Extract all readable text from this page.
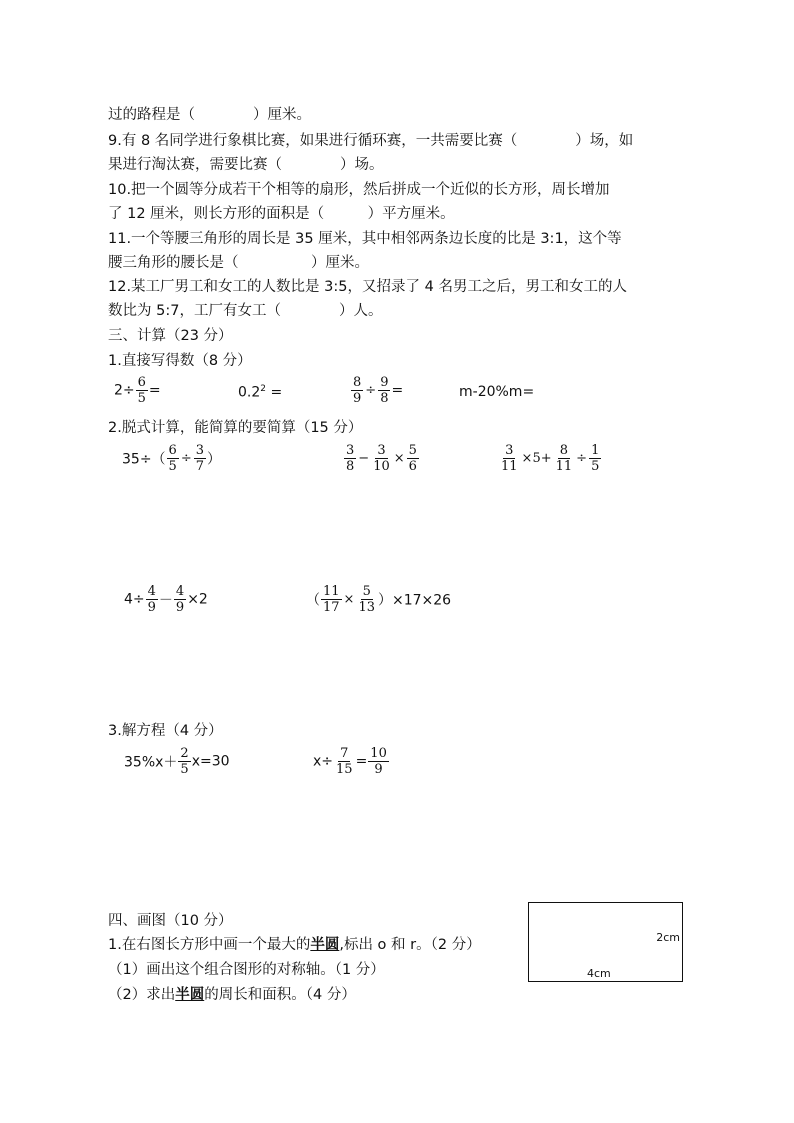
过的路程是（　　　　）厘米。
9.有 8 名同学进行象棋比赛，如果进行循环赛，一共需要比赛（　　　　）场，如
果进行淘汰赛，需要比赛（　　　　）场。
10.把一个圆等分成若干个相等的扇形，然后拼成一个近似的长方形，周长增加
了 12 厘米，则长方形的面积是（　　　）平方厘米。
11.一个等腰三角形的周长是 35 厘米，其中相邻两条边长度的比是 3:1，这个等
腰三角形的腰长是（　　　　　）厘米。
12.某工厂男工和女工的人数比是 3:5，又招录了 4 名男工之后，男工和女工的人
数比为 5:7，工厂有女工（　　　　）人。
三、计算（23 分）
1.直接写得数（8 分）
$2\div \frac{6}{5}$ =	$0.2^2$ =	$\frac{8}{9} \div \frac{9}{8}$ =	m-20%m=
2.脱式计算，能简算的要简算（15 分）
$35\div( \frac{6}{5} \div \frac{3}{7}$ ）	$\frac{3}{8} - \frac{3}{10} \times \frac{5}{6}$	$\frac{3}{11} \times 5+ \frac{8}{11} \div \frac{1}{5}$
$4\div \frac{4}{9} - \frac{4}{9} \times 2$	（ $\frac{11}{17} \times \frac{5}{13} )\times 17\times 26$
3.解方程（4 分）
$35\%x+ \frac{2}{5} x=30$	$x\div \frac{7}{15} = \frac{10}{9}$
四、画图（10 分）
1.在右图长方形中画一个最大的半圆,标出 o 和 r。（2 分）
（1）画出这个组合图形的对称轴。（1 分）
（2）求出半圆的周长和面积。（4 分）
2cm
4cm
